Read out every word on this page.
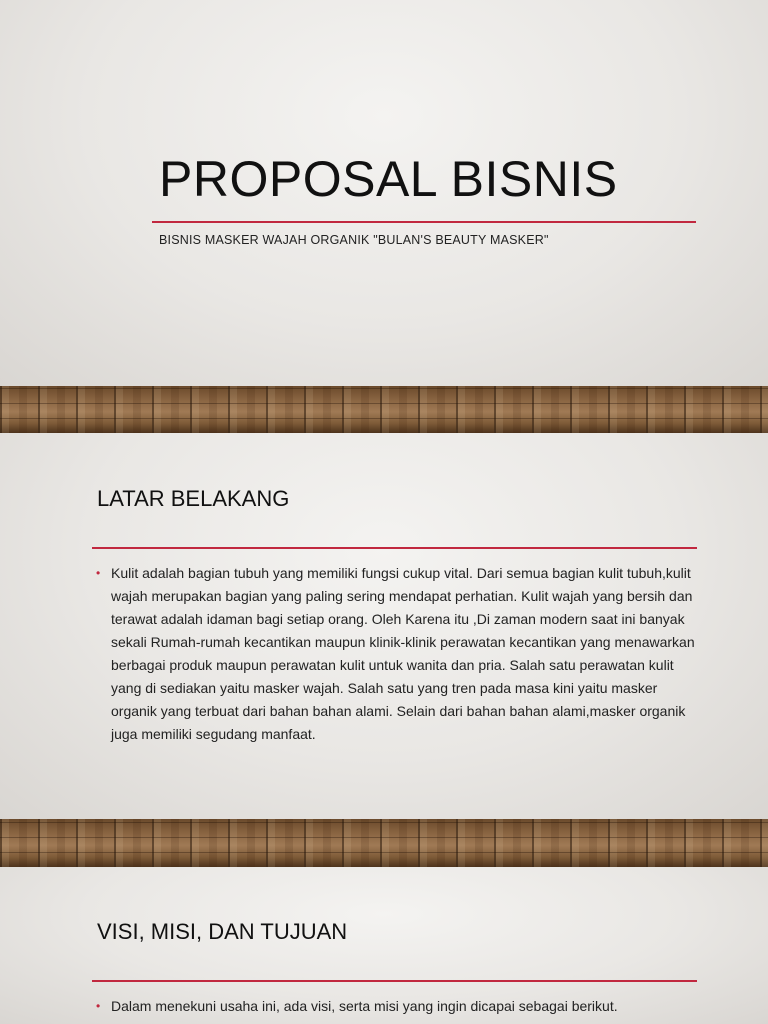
PROPOSAL BISNIS
BISNIS MASKER WAJAH ORGANIK "BULAN'S BEAUTY MASKER"
LATAR BELAKANG
• Kulit adalah bagian tubuh yang memiliki fungsi cukup vital. Dari semua bagian kulit tubuh,kulit wajah merupakan bagian yang paling sering mendapat perhatian. Kulit wajah yang bersih dan terawat adalah idaman bagi setiap orang. Oleh Karena itu ,Di zaman modern saat ini banyak sekali Rumah-rumah kecantikan maupun klinik-klinik perawatan kecantikan yang menawarkan berbagai produk maupun perawatan kulit untuk wanita dan pria. Salah satu perawatan kulit yang di sediakan yaitu masker wajah. Salah satu yang tren pada masa kini yaitu masker organik yang terbuat dari bahan bahan alami. Selain dari bahan bahan alami,masker organik juga memiliki segudang manfaat.
VISI, MISI, DAN TUJUAN
• Dalam menekuni usaha ini, ada visi, serta misi yang ingin dicapai sebagai berikut.
